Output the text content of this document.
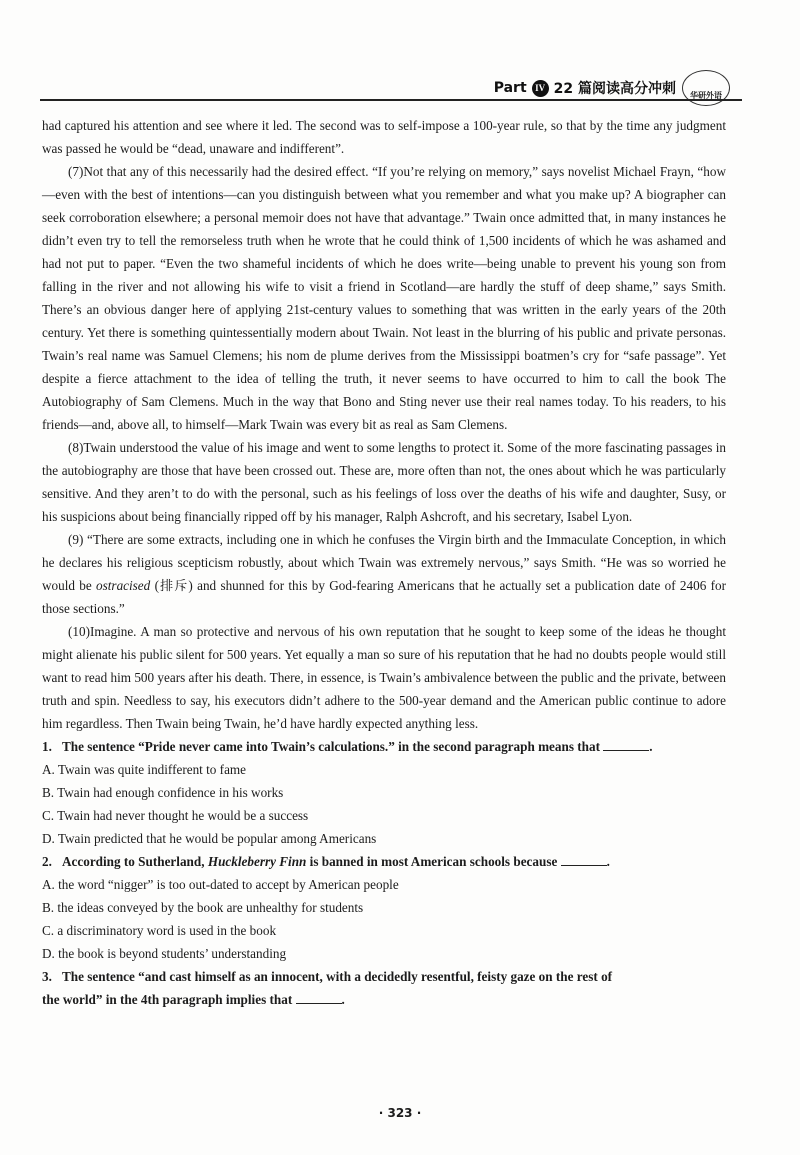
Part IV 22 篇阅读高分冲刺 华研外语

had captured his attention and see where it led. The second was to self-impose a 100-year rule, so that by the time any judgment was passed he would be “dead, unaware and indifferent”.

(7)Not that any of this necessarily had the desired effect. “If you’re relying on memory,” says novelist Michael Frayn, “how—even with the best of intentions—can you distinguish between what you remember and what you make up? A biographer can seek corroboration elsewhere; a personal memoir does not have that advantage.” Twain once admitted that, in many instances he didn’t even try to tell the remorseless truth when he wrote that he could think of 1,500 incidents of which he was ashamed and had not put to paper. “Even the two shameful incidents of which he does write—being unable to prevent his young son from falling in the river and not allowing his wife to visit a friend in Scotland—are hardly the stuff of deep shame,” says Smith. There’s an obvious danger here of applying 21st-century values to something that was written in the early years of the 20th century. Yet there is something quintessentially modern about Twain. Not least in the blurring of his public and private personas. Twain’s real name was Samuel Clemens; his nom de plume derives from the Mississippi boatmen’s cry for “safe passage”. Yet despite a fierce attachment to the idea of telling the truth, it never seems to have occurred to him to call the book The Autobiography of Sam Clemens. Much in the way that Bono and Sting never use their real names today. To his readers, to his friends—and, above all, to himself—Mark Twain was every bit as real as Sam Clemens.

(8)Twain understood the value of his image and went to some lengths to protect it. Some of the more fascinating passages in the autobiography are those that have been crossed out. These are, more often than not, the ones about which he was particularly sensitive. And they aren’t to do with the personal, such as his feelings of loss over the deaths of his wife and daughter, Susy, or his suspicions about being financially ripped off by his manager, Ralph Ashcroft, and his secretary, Isabel Lyon.

(9) “There are some extracts, including one in which he confuses the Virgin birth and the Immaculate Conception, in which he declares his religious scepticism robustly, about which Twain was extremely nervous,” says Smith. “He was so worried he would be ostracised (排斥) and shunned for this by God-fearing Americans that he actually set a publication date of 2406 for those sections.”

(10)Imagine. A man so protective and nervous of his own reputation that he sought to keep some of the ideas he thought might alienate his public silent for 500 years. Yet equally a man so sure of his reputation that he had no doubts people would still want to read him 500 years after his death. There, in essence, is Twain’s ambivalence between the public and the private, between truth and spin. Needless to say, his executors didn’t adhere to the 500-year demand and the American public continue to adore him regardless. Then Twain being Twain, he’d have hardly expected anything less.

1. The sentence “Pride never came into Twain’s calculations.” in the second paragraph means that	.

A. Twain was quite indifferent to fame

B. Twain had enough confidence in his works

C. Twain had never thought he would be a success

D. Twain predicted that he would be popular among Americans

2. According to Sutherland, Huckleberry Finn is banned in most American schools because	.

A. the word “nigger” is too out-dated to accept by American people

B. the ideas conveyed by the book are unhealthy for students

C. a discriminatory word is used in the book

D. the book is beyond students’ understanding

3. The sentence “and cast himself as an innocent, with a decidedly resentful, feisty gaze on the rest of

the world” in the 4th paragraph implies that	.

· 323 ·
